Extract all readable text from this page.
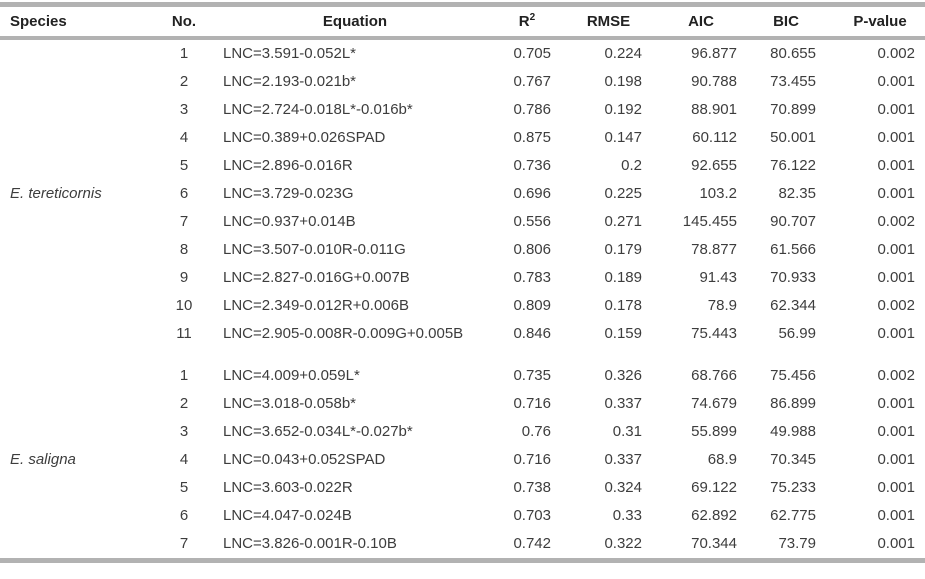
Species	No.	Equation	$R^2$	RMSE	AIC	BIC	P-value
E. tereticornis	1	LNC=3.591-0.052L*	0.705	0.224	96.877	80.655	0.002
	2	LNC=2.193-0.021b*	0.767	0.198	90.788	73.455	0.001
	3	LNC=2.724-0.018L*-0.016b*	0.786	0.192	88.901	70.899	0.001
	4	LNC=0.389+0.026SPAD	0.875	0.147	60.112	50.001	0.001
	5	LNC=2.896-0.016R	0.736	0.2	92.655	76.122	0.001
	6	LNC=3.729-0.023G	0.696	0.225	103.2	82.35	0.001
	7	LNC=0.937+0.014B	0.556	0.271	145.455	90.707	0.002
	8	LNC=3.507-0.010R-0.011G	0.806	0.179	78.877	61.566	0.001
	9	LNC=2.827-0.016G+0.007B	0.783	0.189	91.43	70.933	0.001
	10	LNC=2.349-0.012R+0.006B	0.809	0.178	78.9	62.344	0.002
	11	LNC=2.905-0.008R-0.009G+0.005B	0.846	0.159	75.443	56.99	0.001
E. saligna	1	LNC=4.009+0.059L*	0.735	0.326	68.766	75.456	0.002
	2	LNC=3.018-0.058b*	0.716	0.337	74.679	86.899	0.001
	3	LNC=3.652-0.034L*-0.027b*	0.76	0.31	55.899	49.988	0.001
	4	LNC=0.043+0.052SPAD	0.716	0.337	68.9	70.345	0.001
	5	LNC=3.603-0.022R	0.738	0.324	69.122	75.233	0.001
	6	LNC=4.047-0.024B	0.703	0.33	62.892	62.775	0.001
	7	LNC=3.826-0.001R-0.10B	0.742	0.322	70.344	73.79	0.001
